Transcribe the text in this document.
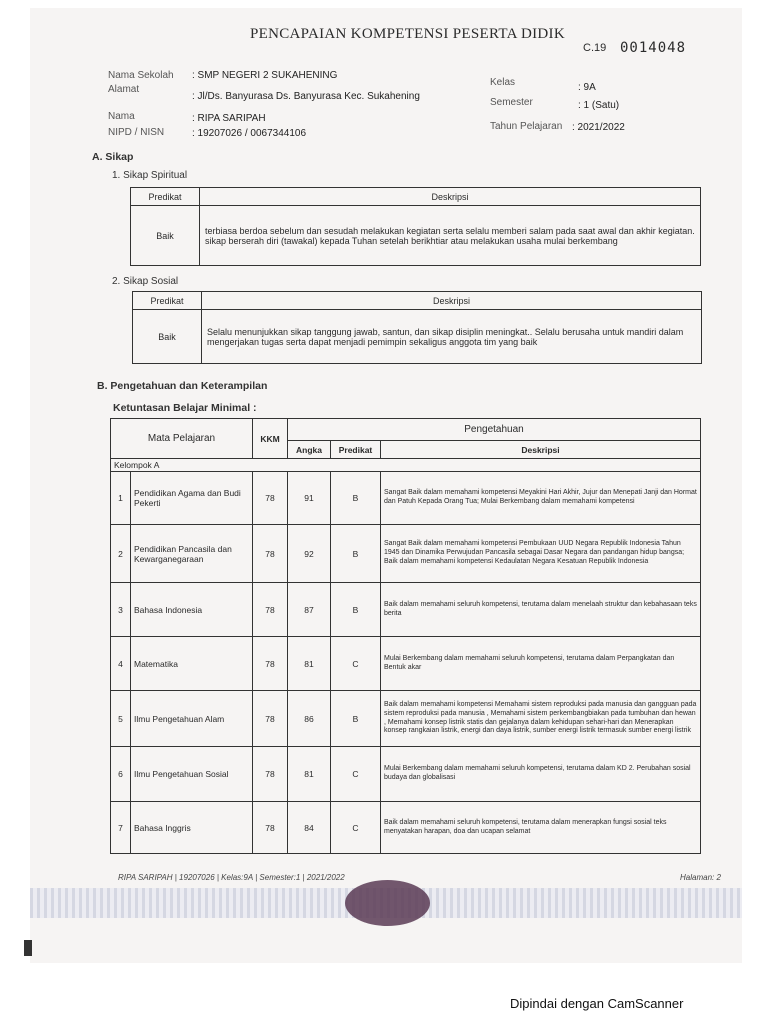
PENCAPAIAN KOMPETENSI PESERTA DIDIK
C.19 0014048
Nama Sekolah : SMP NEGERI 2 SUKAHENING
Alamat
: Jl/Ds. Banyurasa Ds. Banyurasa Kec. Sukahening
Nama	: RIPA SARIPAH
NIPD / NISN	: 19207026 / 0067344106
Kelas	: 9A
Semester	: 1 (Satu)
Tahun Pelajaran : 2021/2022
A. Sikap
1. Sikap Spiritual
Predikat	Deskripsi
Baik	terbiasa berdoa sebelum dan sesudah melakukan kegiatan serta selalu memberi salam pada saat awal dan akhir kegiatan. sikap berserah diri (tawakal) kepada Tuhan setelah berikhtiar atau melakukan usaha mulai berkembang
2. Sikap Sosial
Predikat	Deskripsi
Baik	Selalu menunjukkan sikap tanggung jawab, santun, dan sikap disiplin meningkat.. Selalu berusaha untuk mandiri dalam mengerjakan tugas serta dapat menjadi pemimpin sekaligus anggota tim yang baik
B. Pengetahuan dan Keterampilan
Ketuntasan Belajar Minimal :
Mata Pelajaran		KKM	Pengetahuan		
			Angka	Predikat	Deskripsi
Kelompok A					
1	Pendidikan Agama dan Budi Pekerti	78	91	B	Sangat Baik dalam memahami kompetensi Meyakini Hari Akhir, Jujur dan Menepati Janji dan Hormat dan Patuh Kepada Orang Tua; Mulai Berkembang dalam memahami kompetensi
2	Pendidikan Pancasila dan Kewarganegaraan	78	92	B	Sangat Baik dalam memahami kompetensi Pembukaan UUD Negara Republik Indonesia Tahun 1945 dan Dinamika Perwujudan Pancasila sebagai Dasar Negara dan pandangan hidup bangsa; Baik dalam memahami kompetensi Kedaulatan Negara Kesatuan Republik Indonesia
3	Bahasa Indonesia	78	87	B	Baik dalam memahami seluruh kompetensi, terutama dalam menelaah struktur dan kebahasaan teks berita
4	Matematika	78	81	C	Mulai Berkembang dalam memahami seluruh kompetensi, terutama dalam Perpangkatan dan Bentuk akar
5	Ilmu Pengetahuan Alam	78	86	B	Baik dalam memahami kompetensi Memahami sistem reproduksi pada manusia dan gangguan pada sistem reproduksi pada manusia , Memahami sistem perkembangbiakan pada tumbuhan dan hewan , Memahami konsep listrik statis dan gejalanya dalam kehidupan sehari-hari dan Menerapkan konsep rangkaian listrik, energi dan daya listrik, sumber energi listrik termasuk sumber energi listrik
6	Ilmu Pengetahuan Sosial	78	81	C	Mulai Berkembang dalam memahami seluruh kompetensi, terutama dalam KD 2. Perubahan sosial budaya dan globalisasi
7	Bahasa Inggris	78	84	C	Baik dalam memahami seluruh kompetensi, terutama dalam menerapkan fungsi sosial teks menyatakan harapan, doa dan ucapan selamat
RIPA SARIPAH | 19207026 | Kelas:9A | Semester:1 | 2021/2022	Halaman: 2
Dipindai dengan CamScanner
